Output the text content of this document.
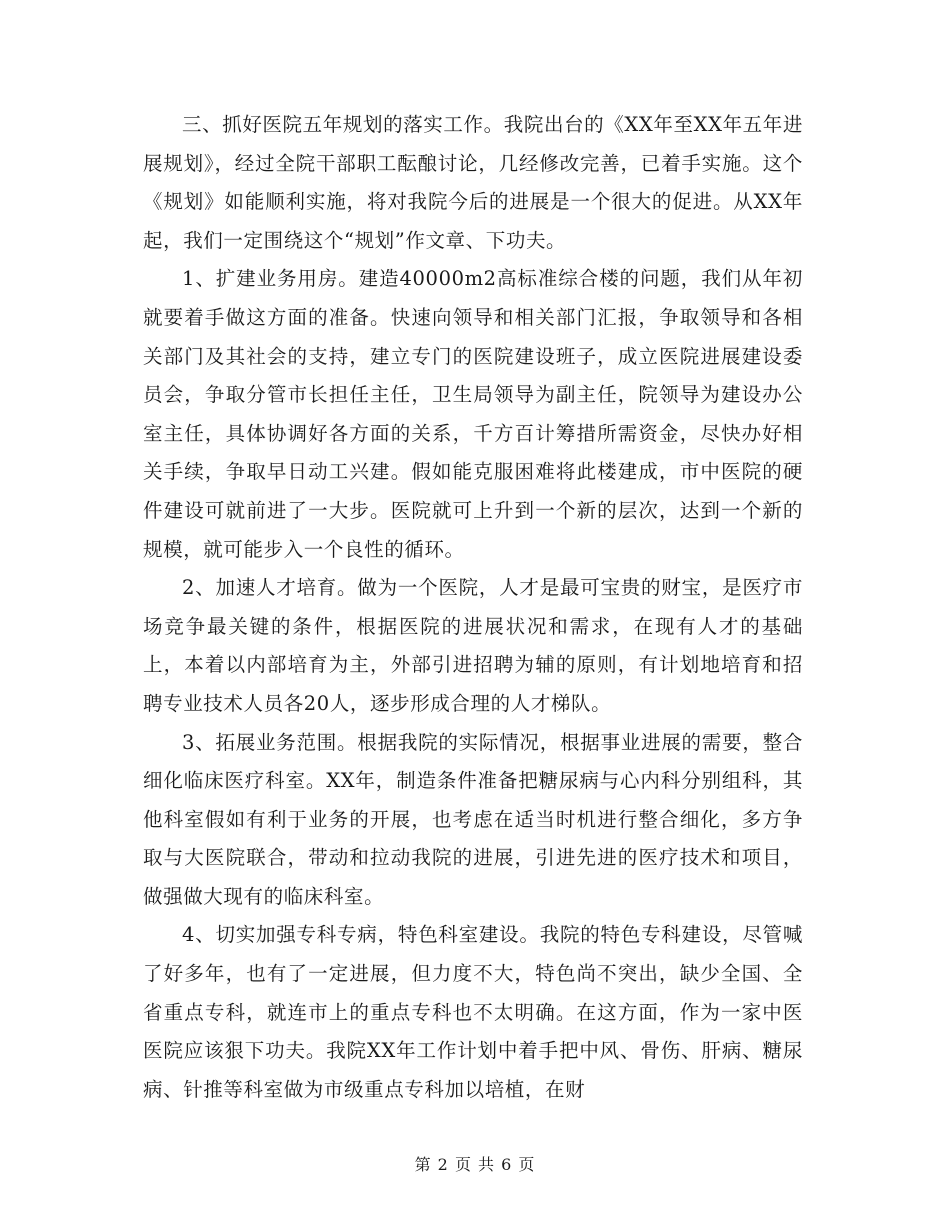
三、抓好医院五年规划的落实工作。我院出台的《XX年至XX年五年进展规划》，经过全院干部职工酝酿讨论，几经修改完善，已着手实施。这个《规划》如能顺利实施，将对我院今后的进展是一个很大的促进。从XX年起，我们一定围绕这个“规划”作文章、下功夫。

1、扩建业务用房。建造40000m2高标准综合楼的问题，我们从年初就要着手做这方面的准备。快速向领导和相关部门汇报，争取领导和各相关部门及其社会的支持，建立专门的医院建设班子，成立医院进展建设委员会，争取分管市长担任主任，卫生局领导为副主任，院领导为建设办公室主任，具体协调好各方面的关系，千方百计筹措所需资金，尽快办好相关手续，争取早日动工兴建。假如能克服困难将此楼建成，市中医院的硬件建设可就前进了一大步。医院就可上升到一个新的层次，达到一个新的规模，就可能步入一个良性的循环。

2、加速人才培育。做为一个医院，人才是最可宝贵的财宝，是医疗市场竞争最关键的条件，根据医院的进展状况和需求，在现有人才的基础上，本着以内部培育为主，外部引进招聘为辅的原则，有计划地培育和招聘专业技术人员各20人，逐步形成合理的人才梯队。

3、拓展业务范围。根据我院的实际情况，根据事业进展的需要，整合细化临床医疗科室。XX年，制造条件准备把糖尿病与心内科分别组科，其他科室假如有利于业务的开展，也考虑在适当时机进行整合细化，多方争取与大医院联合，带动和拉动我院的进展，引进先进的医疗技术和项目，做强做大现有的临床科室。

4、切实加强专科专病，特色科室建设。我院的特色专科建设，尽管喊了好多年，也有了一定进展，但力度不大，特色尚不突出，缺少全国、全省重点专科，就连市上的重点专科也不太明确。在这方面，作为一家中医医院应该狠下功夫。我院XX年工作计划中着手把中风、骨伤、肝病、糖尿病、针推等科室做为市级重点专科加以培植，在财

第 2 页 共 6 页
